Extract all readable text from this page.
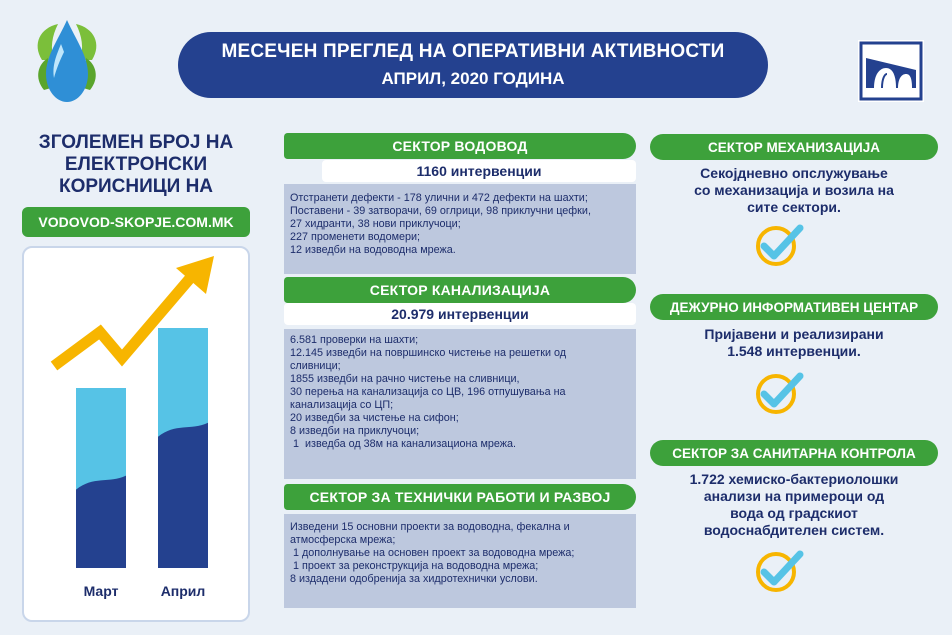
МЕСЕЧЕН ПРЕГЛЕД НА ОПЕРАТИВНИ АКТИВНОСТИ
АПРИЛ, 2020 ГОДИНА
ЗГОЛЕМЕН БРОЈ НА
ЕЛЕКТРОНСКИ
КОРИСНИЦИ НА
VODOVOD-SKOPJE.COM.MK
Март	Април
СЕКТОР ВОДОВОД
1160 интервенции
Отстранети дефекти - 178 улични и 472 дефекти на шахти;
Поставени - 39 затворачи, 69 оглрици, 98 приклучни цефки,
27 хидранти, 38 нови приклучоци;
227 променети водомери;
12 изведби на водоводна мрежа.
СЕКТОР КАНАЛИЗАЦИЈА
20.979 интервенции
6.581 проверки на шахти;
12.145 изведби на површинско чистење на решетки од
сливници;
1855 изведби на рачно чистење на сливници,
30 перења на канализација со ЦВ, 196 отпушувања на
канализација со ЦП;
20 изведби за чистење на сифон;
8 изведби на приклучоци;
1  изведба од 38м на канализациона мрежа.
СЕКТОР ЗА ТЕХНИЧКИ РАБОТИ И РАЗВОЈ
Изведени 15 основни проекти за водоводна, фекална и
атмосферска мрежа;
1 дополнување на основен проект за водоводна мрежа;
1 проект за реконструкција на водоводна мрежа;
8 издадени одобренија за хидротехнички услови.
СЕКТОР МЕХАНИЗАЦИЈА
Секојдневно опслужување
со механизација и возила на
сите сектори.
ДЕЖУРНО ИНФОРМАТИВЕН ЦЕНТАР
Пријавени и реализирани
1.548 интервенции.
СЕКТОР ЗА САНИТАРНА КОНТРОЛА
1.722 хемиско-бактериолошки
анализи на примероци од
вода од градскиот
водоснабдителен систем.
